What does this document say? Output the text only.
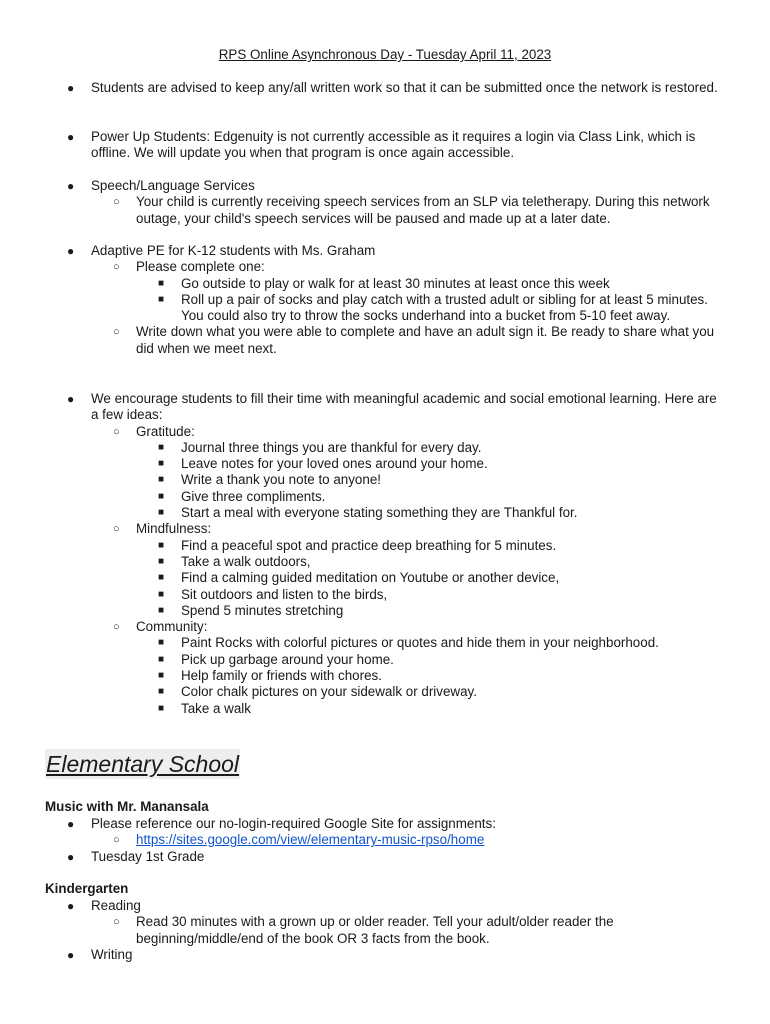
RPS Online Asynchronous Day - Tuesday April 11, 2023
● Students are advised to keep any/all written work so that it can be submitted once the network is restored.
● Power Up Students: Edgenuity is not currently accessible as it requires a login via Class Link, which is offline. We will update you when that program is once again accessible.
● Speech/Language Services
○ Your child is currently receiving speech services from an SLP via teletherapy. During this network outage, your child's speech services will be paused and made up at a later date.
● Adaptive PE for K-12 students with Ms. Graham
○ Please complete one:
■ Go outside to play or walk for at least 30 minutes at least once this week
■ Roll up a pair of socks and play catch with a trusted adult or sibling for at least 5 minutes. You could also try to throw the socks underhand into a bucket from 5-10 feet away.
○ Write down what you were able to complete and have an adult sign it. Be ready to share what you did when we meet next.
● We encourage students to fill their time with meaningful academic and social emotional learning. Here are a few ideas:
○ Gratitude:
■ Journal three things you are thankful for every day.
■ Leave notes for your loved ones around your home.
■ Write a thank you note to anyone!
■ Give three compliments.
■ Start a meal with everyone stating something they are Thankful for.
○ Mindfulness:
■ Find a peaceful spot and practice deep breathing for 5 minutes.
■ Take a walk outdoors,
■ Find a calming guided meditation on Youtube or another device,
■ Sit outdoors and listen to the birds,
■ Spend 5 minutes stretching
○ Community:
■ Paint Rocks with colorful pictures or quotes and hide them in your neighborhood.
■ Pick up garbage around your home.
■ Help family or friends with chores.
■ Color chalk pictures on your sidewalk or driveway.
■ Take a walk
Elementary School
Music with Mr. Manansala
● Please reference our no-login-required Google Site for assignments:
○ https://sites.google.com/view/elementary-music-rpso/home
● Tuesday 1st Grade
Kindergarten
● Reading
○ Read 30 minutes with a grown up or older reader. Tell your adult/older reader the beginning/middle/end of the book OR 3 facts from the book.
● Writing
